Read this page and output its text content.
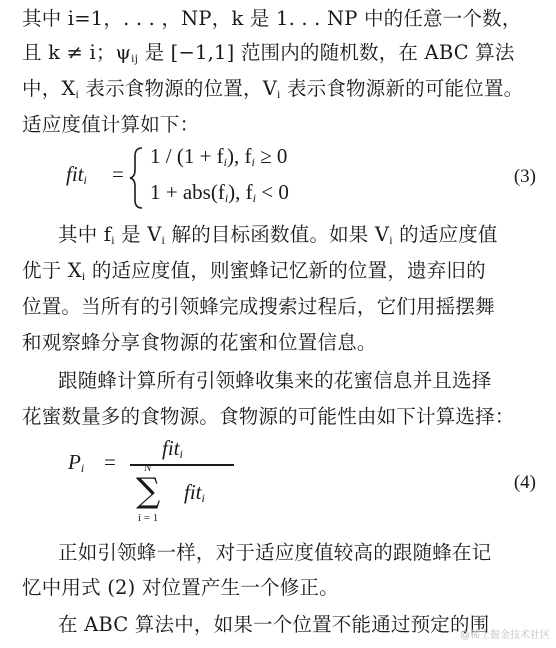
其中 i=1，. . . ，NP，k 是 1. . . NP 中的任意一个数，
且 k ≠ i；$\psi_{ij}$ 是 [−1,1] 范围内的随机数，在 ABC 算法
中，$X_i$ 表示食物源的位置，$V_i$ 表示食物源新的可能位置。
适应度值计算如下：
fit$_i$ =
$1 / (1 + f_i)$, $f_i \ge 0$
$1 + abs(f_i)$, $f_i < 0$
(3)
其中 $f_i$ 是 $V_i$ 解的目标函数值。如果 $V_i$ 的适应度值
优于 $X_i$ 的适应度值，则蜜蜂记忆新的位置，遗弃旧的
位置。当所有的引领蜂完成搜索过程后，它们用摇摆舞
和观察蜂分享食物源的花蜜和位置信息。
跟随蜂计算所有引领蜂收集来的花蜜信息并且选择
花蜜数量多的食物源。食物源的可能性由如下计算选择：
$P_i$ =
fit$_i$
N
∑
i = 1
fit$_i$
(4)
正如引领蜂一样，对于适应度值较高的跟随蜂在记
忆中用式 (2) 对位置产生一个修正。
在 ABC 算法中，如果一个位置不能通过预定的围
@稀土掘金技术社区
